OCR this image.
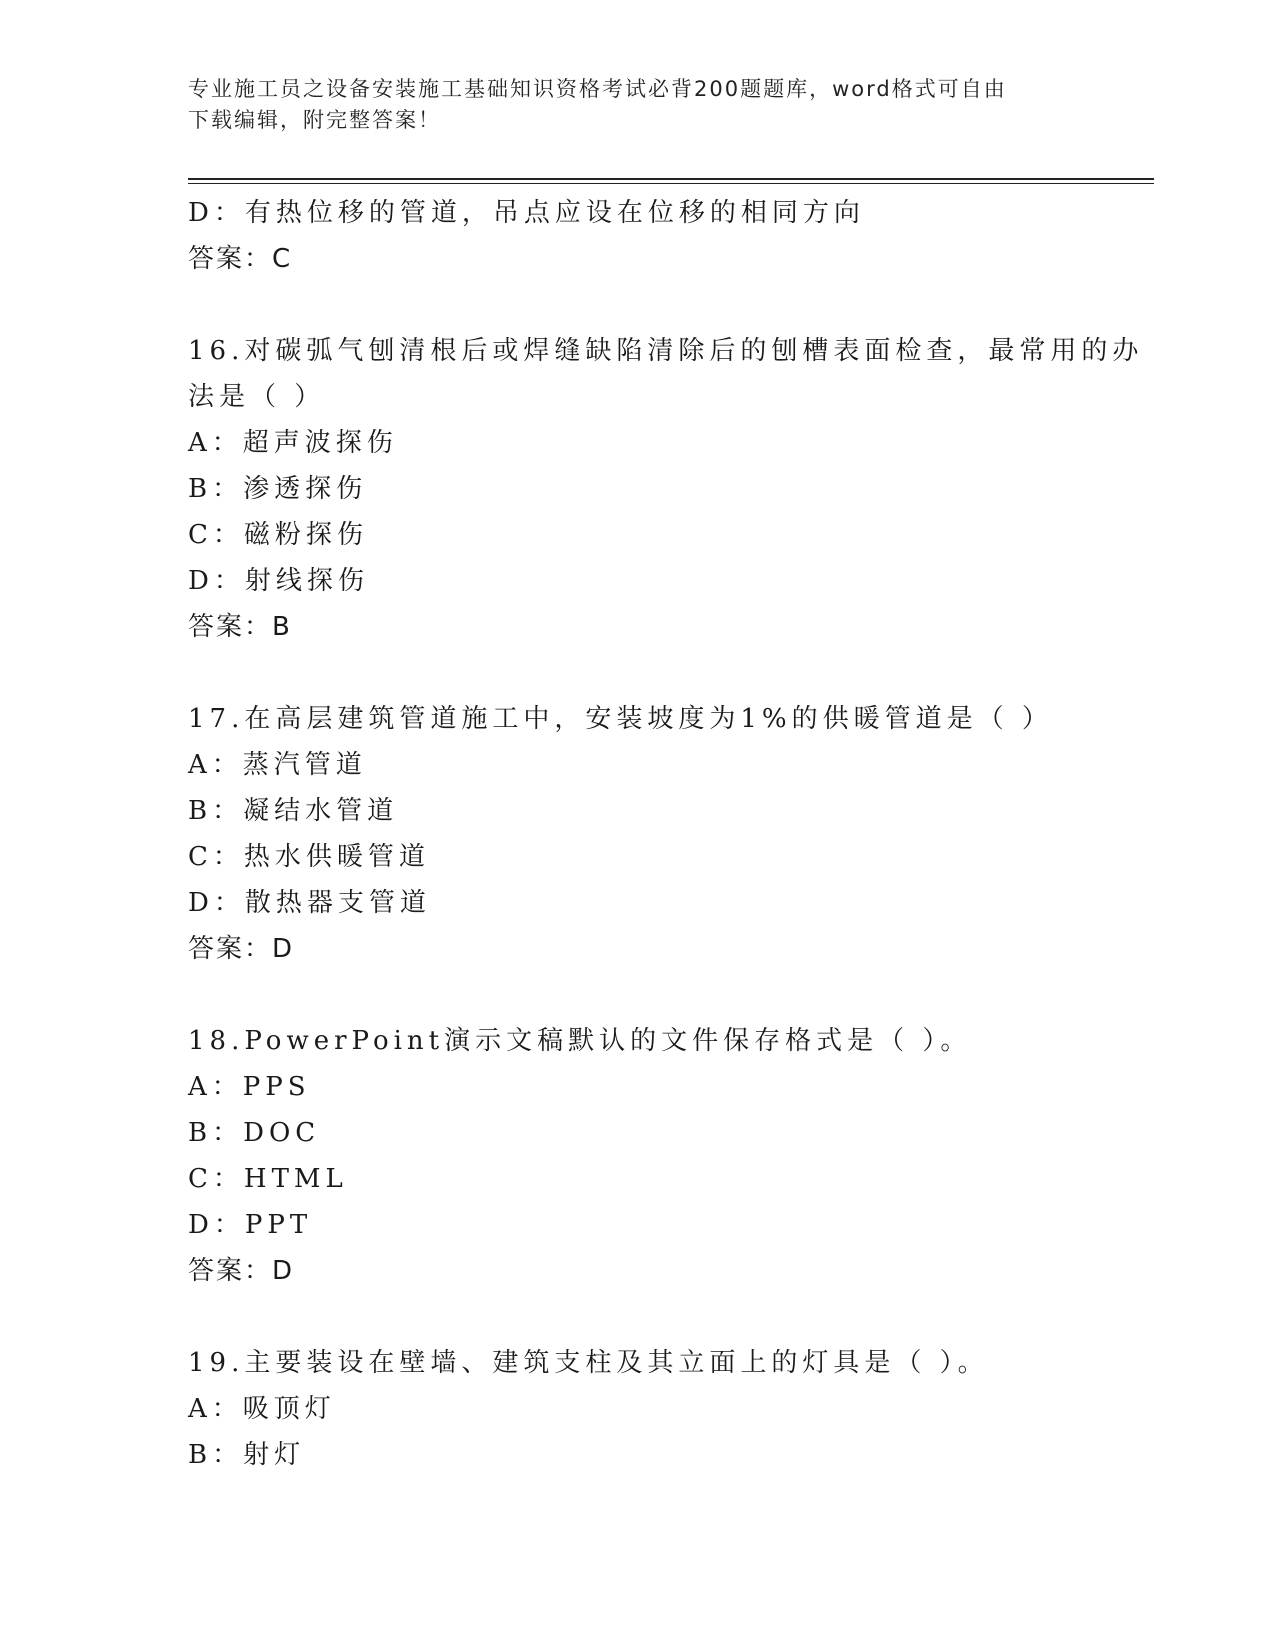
专业施工员之设备安装施工基础知识资格考试必背200题题库，word格式可自由
下载编辑，附完整答案！
D：有热位移的管道，吊点应设在位移的相同方向
答案：C
16.对碳弧气刨清根后或焊缝缺陷清除后的刨槽表面检查，最常用的办
法是（ ）
A：超声波探伤
B：渗透探伤
C：磁粉探伤
D：射线探伤
答案：B
17.在高层建筑管道施工中，安装坡度为1%的供暖管道是（ ）
A：蒸汽管道
B：凝结水管道
C：热水供暖管道
D：散热器支管道
答案：D
18.PowerPoint演示文稿默认的文件保存格式是（ ）。
A：PPS
B：DOC
C：HTML
D：PPT
答案：D
19.主要装设在壁墙、建筑支柱及其立面上的灯具是（ ）。
A：吸顶灯
B：射灯
